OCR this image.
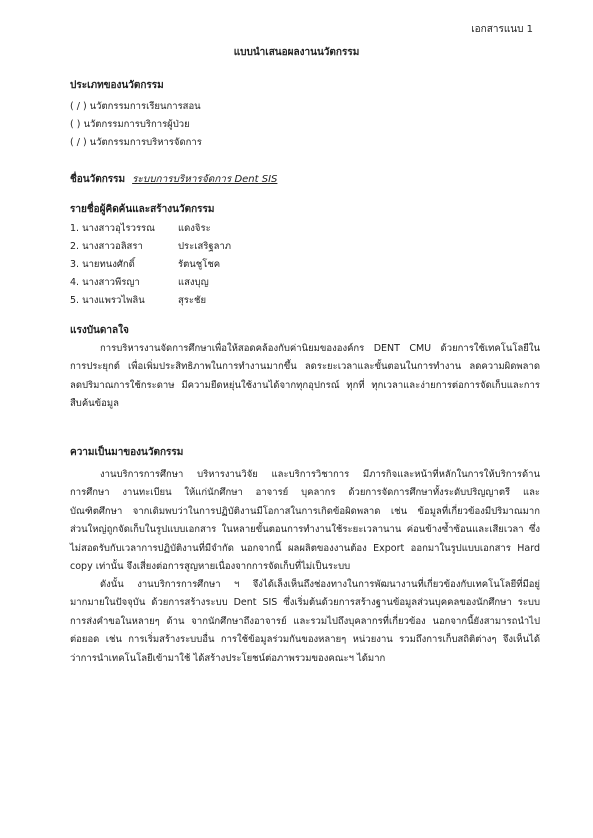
เอกสารแนบ 1
แบบนำเสนอผลงานนวัตกรรม
ประเภทของนวัตกรรม
( / ) นวัตกรรมการเรียนการสอน
( ) นวัตกรรมการบริการผู้ป่วย
( / ) นวัตกรรมการบริหารจัดการ
ชื่อนวัตกรรม ระบบการบริหารจัดการ Dent SIS
รายชื่อผู้คิดค้นและสร้างนวัตกรรม
1. นางสาวอุไรวรรณ แดงจิระ
2. นางสาวอลิสรา	ประเสริฐลาภ
3. นายทนงศักดิ์	รัตนชูโชค
4. นางสาวพีรญา	แสงบุญ
5. นางแพรวไพลิน	สุระชัย
แรงบันดาลใจ
การบริหารงานจัดการศึกษาเพื่อให้สอดคล้องกับค่านิยมขององค์กร DENT CMU ด้วยการใช้เทคโนโลยีใน
การประยุกต์ เพื่อเพิ่มประสิทธิภาพในการทำงานมากขึ้น ลดระยะเวลาและขั้นตอนในการทำงาน ลดความผิดพลาด
ลดปริมาณการใช้กระดาษ มีความยืดหยุ่นใช้งานได้จากทุกอุปกรณ์ ทุกที่ ทุกเวลาและง่ายการต่อการจัดเก็บและการ
สืบค้นข้อมูล
ความเป็นมาของนวัตกรรม
งานบริการการศึกษา บริหารงานวิจัย และบริการวิชาการ มีภารกิจและหน้าที่หลักในการให้บริการด้าน
การศึกษา งานทะเบียน ให้แก่นักศึกษา อาจารย์ บุคลากร ด้วยการจัดการศึกษาทั้งระดับปริญญาตรี และ
บัณฑิตศึกษา จากเดิมพบว่าในการปฏิบัติงานมีโอกาสในการเกิดข้อผิดพลาด เช่น ข้อมูลที่เกี่ยวข้องมีปริมาณมาก
ส่วนใหญ่ถูกจัดเก็บในรูปแบบเอกสาร ในหลายขั้นตอนการทำงานใช้ระยะเวลานาน ค่อนข้างซ้ำซ้อนและเสียเวลา ซึ่ง
ไม่สอดรับกับเวลาการปฏิบัติงานที่มีจำกัด นอกจากนี้ ผลผลิตของงานต้อง Export ออกมาในรูปแบบเอกสาร Hard
copy เท่านั้น จึงเสี่ยงต่อการสูญหายเนื่องจากการจัดเก็บที่ไม่เป็นระบบ
ดังนั้น งานบริการการศึกษา ฯ จึงได้เล็งเห็นถึงช่องทางในการพัฒนางานที่เกี่ยวข้องกับเทคโนโลยีที่มีอยู่
มากมายในปัจจุบัน ด้วยการสร้างระบบ Dent SIS ซึ่งเริ่มต้นด้วยการสร้างฐานข้อมูลส่วนบุคคลของนักศึกษา ระบบ
การส่งคำขอในหลายๆ ด้าน จากนักศึกษาถึงอาจารย์ และรวมไปถึงบุคลากรที่เกี่ยวข้อง นอกจากนี้ยังสามารถนำไป
ต่อยอด เช่น การเริ่มสร้างระบบอื่น การใช้ข้อมูลร่วมกันของหลายๆ หน่วยงาน รวมถึงการเก็บสถิติต่างๆ จึงเห็นได้
ว่าการนำเทคโนโลยีเข้ามาใช้ ได้สร้างประโยชน์ต่อภาพรวมของคณะฯ ได้มาก
